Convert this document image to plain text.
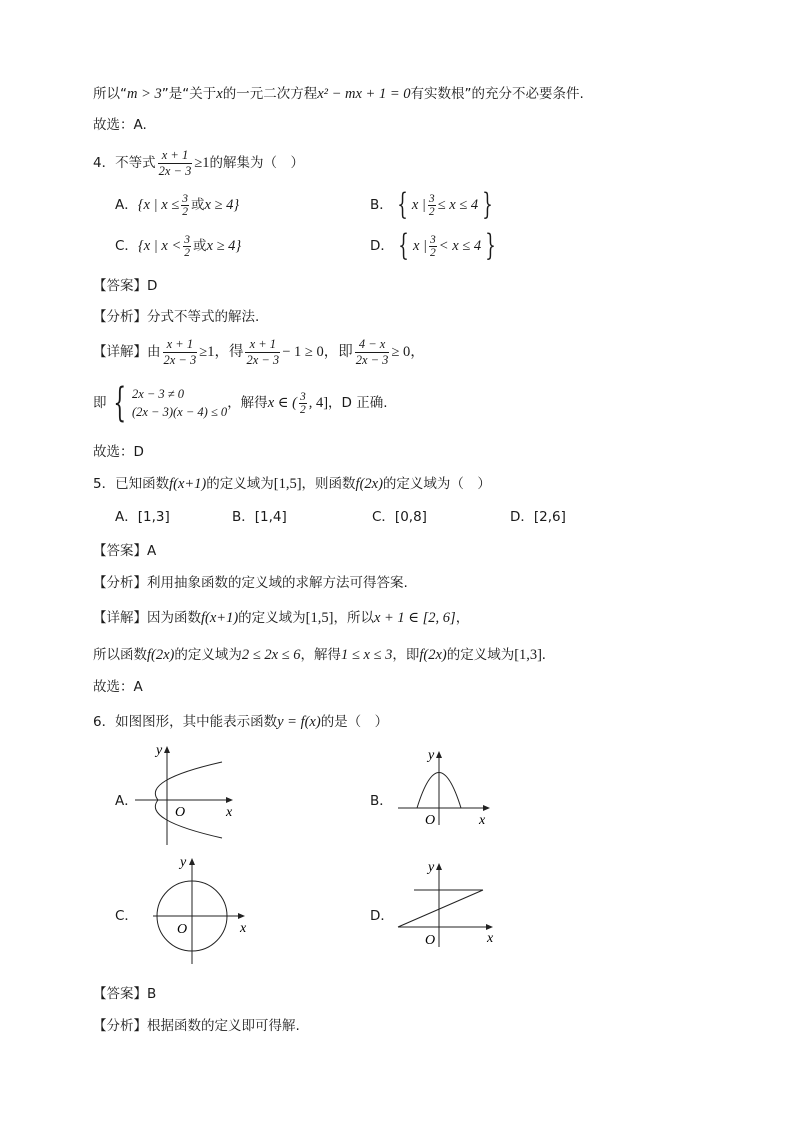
所以“m > 3”是“关于x的一元二次方程x² − mx + 1 = 0有实数根”的充分不必要条件.
故选：A.
4．不等式 $\frac{x + 1}{2x - 3} \ge 1$的解集为（　）
A．{x | $x \le \frac{3}{2}$ 或x ≥ 4}	B． { x | $\frac{3}{2} \le x \le 4$ }
C．{x | $x < \frac{3}{2}$ 或x ≥ 4}	D． { x | $\frac{3}{2} < x \le 4$ }
【答案】D
【分析】分式不等式的解法.
【详解】由 $\frac{x + 1}{2x - 3} \ge 1$，得 $\frac{x + 1}{2x - 3} - 1 \ge 0$，即 $\frac{4 - x}{2x - 3} \ge 0$，
即 { 2x − 3 ≠ 0
(2x − 3)(x − 4) ≤ 0
，解得x ∈ ( $\frac{3}{2}$ , 4]，D 正确.
故选：D
5．已知函数f(x+1)的定义域为[1,5]，则函数f(2x)的定义域为（　）
A．[1,3]	B．[1,4]	C．[0,8]	D．[2,6]
【答案】A
【分析】利用抽象函数的定义域的求解方法可得答案.
【详解】因为函数f(x+1)的定义域为[1,5]，所以x + 1 ∈ [2, 6]，
所以函数f(2x)的定义域为2 ≤ 2x ≤ 6，解得1 ≤ x ≤ 3，即f(2x)的定义域为[1,3].
故选：A
6．如图图形，其中能表示函数y = f(x)的是（　）
A．
x
y
O
B．
x
y
O
C．
x
y
O
D．
x
y
O
【答案】B
【分析】根据函数的定义即可得解.
